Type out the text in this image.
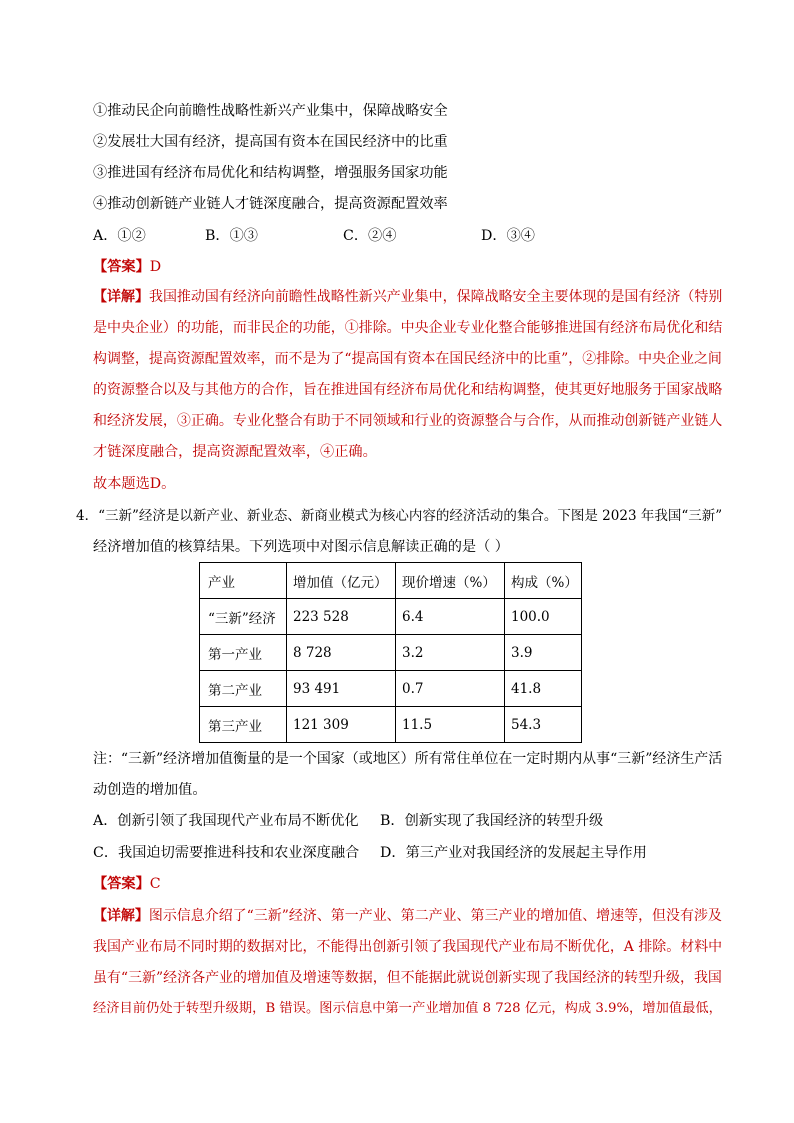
①推动民企向前瞻性战略性新兴产业集中，保障战略安全
②发展壮大国有经济，提高国有资本在国民经济中的比重
③推进国有经济布局优化和结构调整，增强服务国家功能
④推动创新链产业链人才链深度融合，提高资源配置效率
A．①②	B．①③	C．②④	D．③④
【答案】D
【详解】我国推动国有经济向前瞻性战略性新兴产业集中，保障战略安全主要体现的是国有经济（特别
是中央企业）的功能，而非民企的功能，①排除。中央企业专业化整合能够推进国有经济布局优化和结
构调整，提高资源配置效率，而不是为了“提高国有资本在国民经济中的比重”，②排除。中央企业之间
的资源整合以及与其他方的合作，旨在推进国有经济布局优化和结构调整，使其更好地服务于国家战略
和经济发展，③正确。专业化整合有助于不同领域和行业的资源整合与合作，从而推动创新链产业链人
才链深度融合，提高资源配置效率，④正确。
故本题选D。
4．“三新”经济是以新产业、新业态、新商业模式为核心内容的经济活动的集合。下图是 2023 年我国“三新”
经济增加值的核算结果。下列选项中对图示信息解读正确的是（ ）
产业	增加值（亿元）	现价增速（%）	构成（%）
“三新”经济	223 528	6.4	100.0
第一产业	8 728	3.2	3.9
第二产业	93 491	0.7	41.8
第三产业	121 309	11.5	54.3
注：“三新”经济增加值衡量的是一个国家（或地区）所有常住单位在一定时期内从事“三新”经济生产活
动创造的增加值。
A．创新引领了我国现代产业布局不断优化 B．创新实现了我国经济的转型升级
C．我国迫切需要推进科技和农业深度融合 D．第三产业对我国经济的发展起主导作用
【答案】C
【详解】图示信息介绍了“三新”经济、第一产业、第二产业、第三产业的增加值、增速等，但没有涉及
我国产业布局不同时期的数据对比，不能得出创新引领了我国现代产业布局不断优化，A 排除。材料中
虽有“三新”经济各产业的增加值及增速等数据，但不能据此就说创新实现了我国经济的转型升级，我国
经济目前仍处于转型升级期，B 错误。图示信息中第一产业增加值 8 728 亿元，构成 3.9%，增加值最低，
